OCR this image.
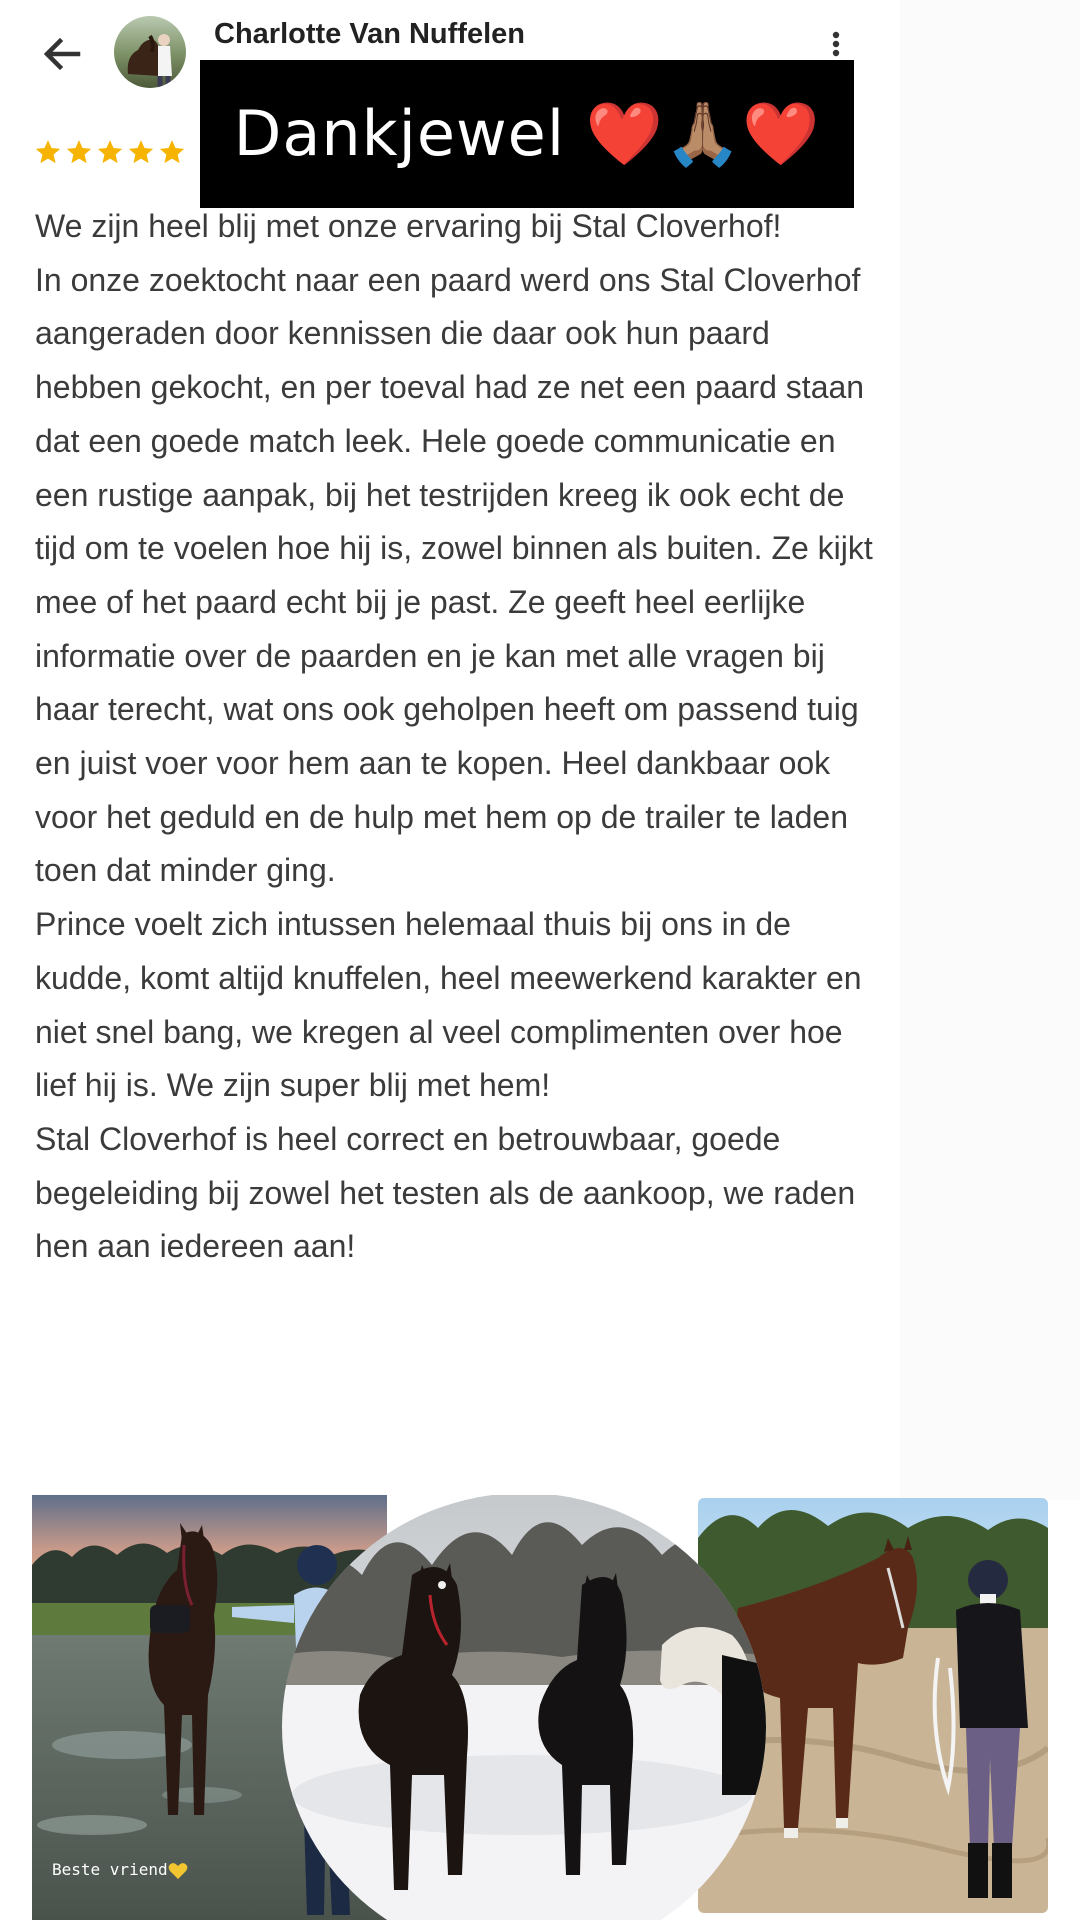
Charlotte Van Nuffelen
Dankjewel ❤️🙏🏽❤️

We zijn heel blij met onze ervaring bij Stal Cloverhof!

In onze zoektocht naar een paard werd ons Stal Cloverhof aangeraden door kennissen die daar ook hun paard hebben gekocht, en per toeval had ze net een paard staan dat een goede match leek. Hele goede communicatie en een rustige aanpak, bij het testrijden kreeg ik ook echt de tijd om te voelen hoe hij is, zowel binnen als buiten. Ze kijkt mee of het paard echt bij je past. Ze geeft heel eerlijke informatie over de paarden en je kan met alle vragen bij haar terecht, wat ons ook geholpen heeft om passend tuig en juist voer voor hem aan te kopen. Heel dankbaar ook voor het geduld en de hulp met hem op de trailer te laden toen dat minder ging.

Prince voelt zich intussen helemaal thuis bij ons in de kudde, komt altijd knuffelen, heel meewerkend karakter en niet snel bang, we kregen al veel complimenten over hoe lief hij is. We zijn super blij met hem!

Stal Cloverhof is heel correct en betrouwbaar, goede begeleiding bij zowel het testen als de aankoop, we raden hen aan iedereen aan!

Beste vriend
